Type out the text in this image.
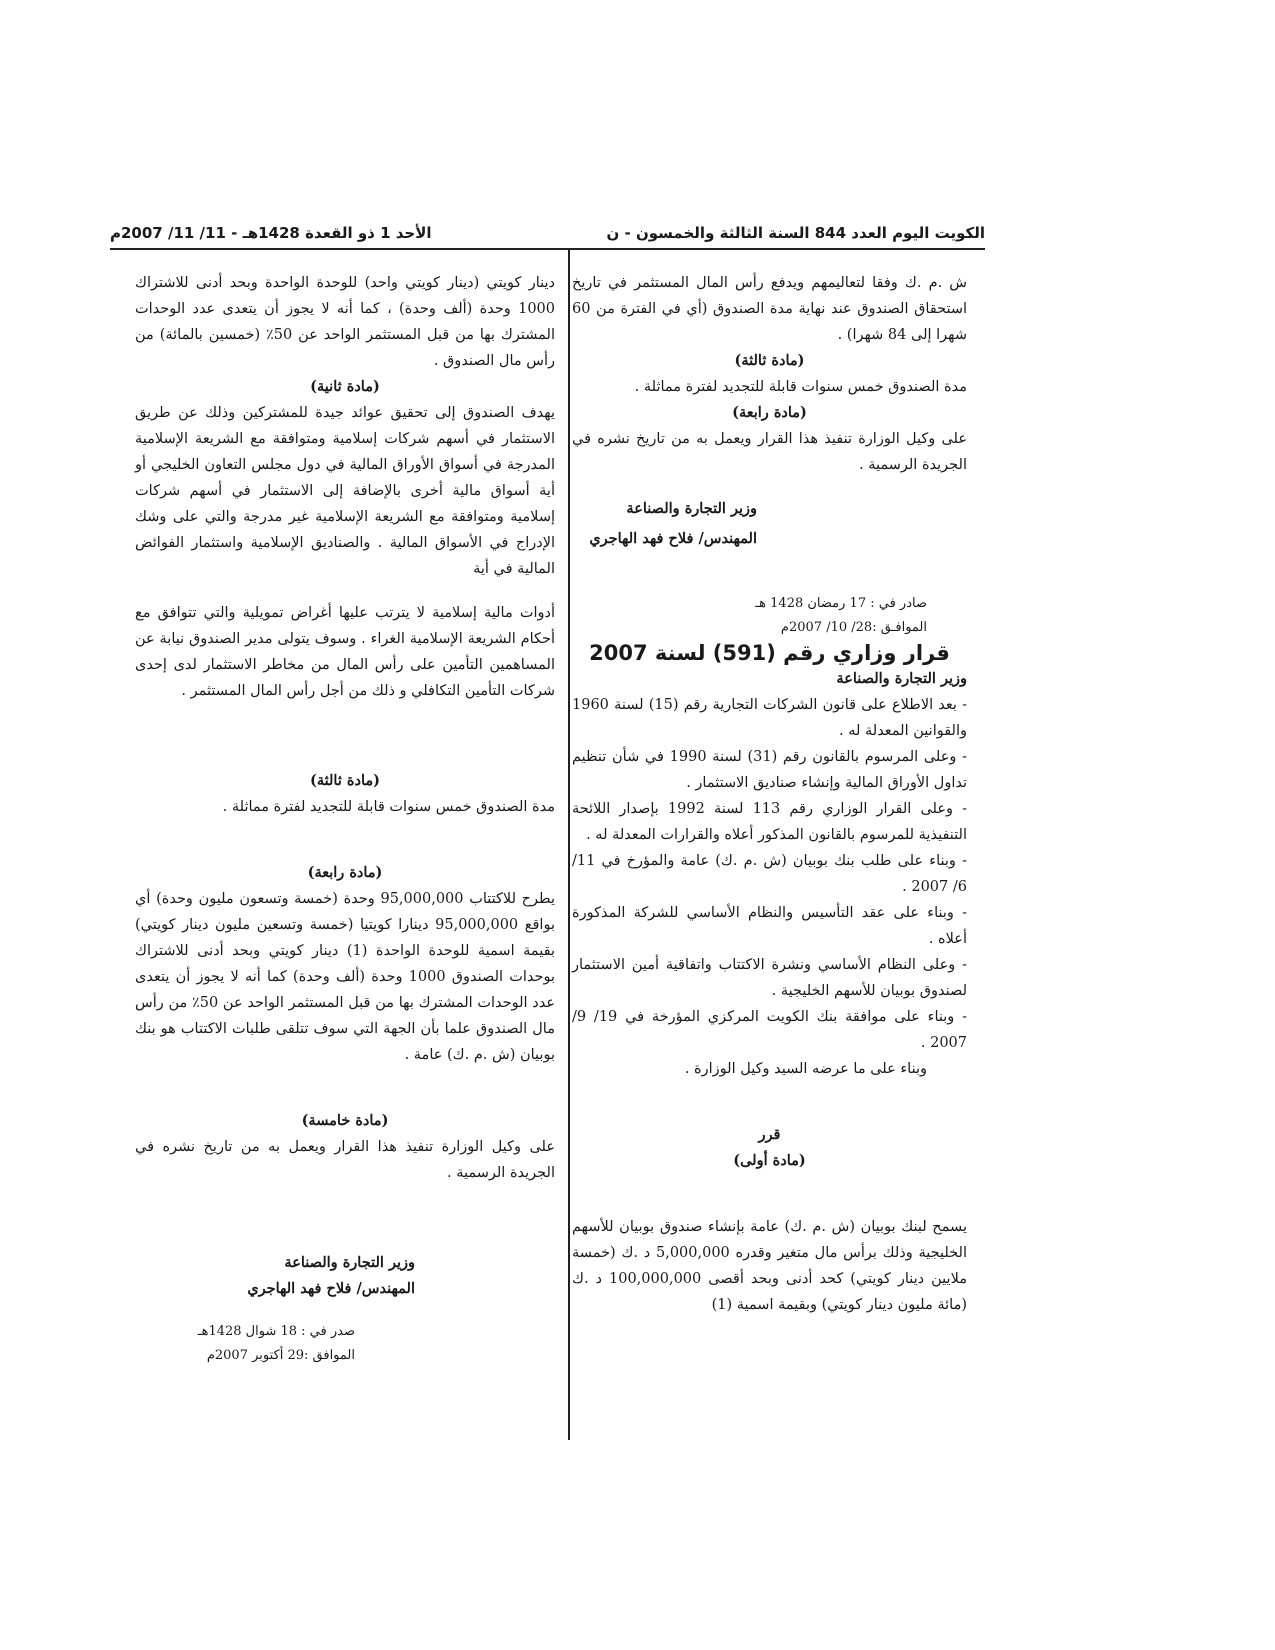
الكويت اليوم العدد 844 السنة الثالثة والخمسون - ن
الأحد 1 ذو القعدة 1428هـ - 11/ 11/ 2007م

ش .م .ك وفقا لتعاليمهم ويدفع رأس المال المستثمر في تاريخ استحقاق الصندوق عند نهاية مدة الصندوق (أي في الفترة من 60 شهرا إلى 84 شهرا) .

(مادة ثالثة)

مدة الصندوق خمس سنوات قابلة للتجديد لفترة مماثلة .

(مادة رابعة)

على وكيل الوزارة تنفيذ هذا القرار ويعمل به من تاريخ نشره في الجريدة الرسمية .

وزير التجارة والصناعة

المهندس/ فلاح فهد الهاجري

صادر في : 17 رمضان 1428 هـ

الموافـق :28/ 10/ 2007م

قرار وزاري رقم (591) لسنة 2007

وزير التجارة والصناعة

- بعد الاطلاع على قانون الشركات التجارية رقم (15) لسنة 1960 والقوانين المعدلة له .

- وعلى المرسوم بالقانون رقم (31) لسنة 1990 في شأن تنظيم تداول الأوراق المالية وإنشاء صناديق الاستثمار .

- وعلى القرار الوزاري رقم 113 لسنة 1992 بإصدار اللائحة التنفيذية للمرسوم بالقانون المذكور أعلاه والقرارات المعدلة له .

- وبناء على طلب بنك بوبيان (ش .م .ك) عامة والمؤرخ في 11/ 6/ 2007 .

- وبناء على عقد التأسيس والنظام الأساسي للشركة المذكورة أعلاه .

- وعلى النظام الأساسي ونشرة الاكتتاب واتفاقية أمين الاستثمار لصندوق بوبيان للأسهم الخليجية .

- وبناء على موافقة بنك الكويت المركزي المؤرخة في 19/ 9/ 2007 .

وبناء على ما عرضه السيد وكيل الوزارة .

قرر

(مادة أولى)

يسمح لبنك بوبيان (ش .م .ك) عامة بإنشاء صندوق بوبيان للأسهم الخليجية وذلك برأس مال متغير وقدره 5,000,000 د .ك (خمسة ملايين دينار كويتي) كحد أدنى وبحد أقصى 100,000,000 د .ك (مائة مليون دينار كويتي) وبقيمة اسمية (1)

دينار كويتي (دينار كويتي واحد) للوحدة الواحدة وبحد أدنى للاشتراك 1000 وحدة (ألف وحدة) ، كما أنه لا يجوز أن يتعدى عدد الوحدات المشترك بها من قبل المستثمر الواحد عن 50٪ (خمسين بالمائة) من رأس مال الصندوق .

(مادة ثانية)

يهدف الصندوق إلى تحقيق عوائد جيدة للمشتركين وذلك عن طريق الاستثمار في أسهم شركات إسلامية ومتوافقة مع الشريعة الإسلامية المدرجة في أسواق الأوراق المالية في دول مجلس التعاون الخليجي أو أية أسواق مالية أخرى بالإضافة إلى الاستثمار في أسهم شركات إسلامية ومتوافقة مع الشريعة الإسلامية غير مدرجة والتي على وشك الإدراج في الأسواق المالية . والصناديق الإسلامية واستثمار الفوائض المالية في أية

أدوات مالية إسلامية لا يترتب عليها أغراض تمويلية والتي تتوافق مع أحكام الشريعة الإسلامية الغراء . وسوف يتولى مدير الصندوق نيابة عن المساهمين التأمين على رأس المال من مخاطر الاستثمار لدى إحدى شركات التأمين التكافلي و ذلك من أجل رأس المال المستثمر .

(مادة ثالثة)

مدة الصندوق خمس سنوات قابلة للتجديد لفترة مماثلة .

(مادة رابعة)

يطرح للاكتتاب 95,000,000 وحدة (خمسة وتسعون مليون وحدة) أي بواقع 95,000,000 دينارا كويتيا (خمسة وتسعين مليون دينار كويتي) بقيمة اسمية للوحدة الواحدة (1) دينار كويتي وبحد أدنى للاشتراك بوحدات الصندوق 1000 وحدة (ألف وحدة) كما أنه لا يجوز أن يتعدى عدد الوحدات المشترك بها من قبل المستثمر الواحد عن 50٪ من رأس مال الصندوق علما بأن الجهة التي سوف تتلقى طلبات الاكتتاب هو بنك بوبيان (ش .م .ك) عامة .

(مادة خامسة)

على وكيل الوزارة تنفيذ هذا القرار ويعمل به من تاريخ نشره في الجريدة الرسمية .

وزير التجارة والصناعة

المهندس/ فلاح فهد الهاجري

صدر في : 18 شوال 1428هـ

الموافق :29 أكتوبر 2007م
